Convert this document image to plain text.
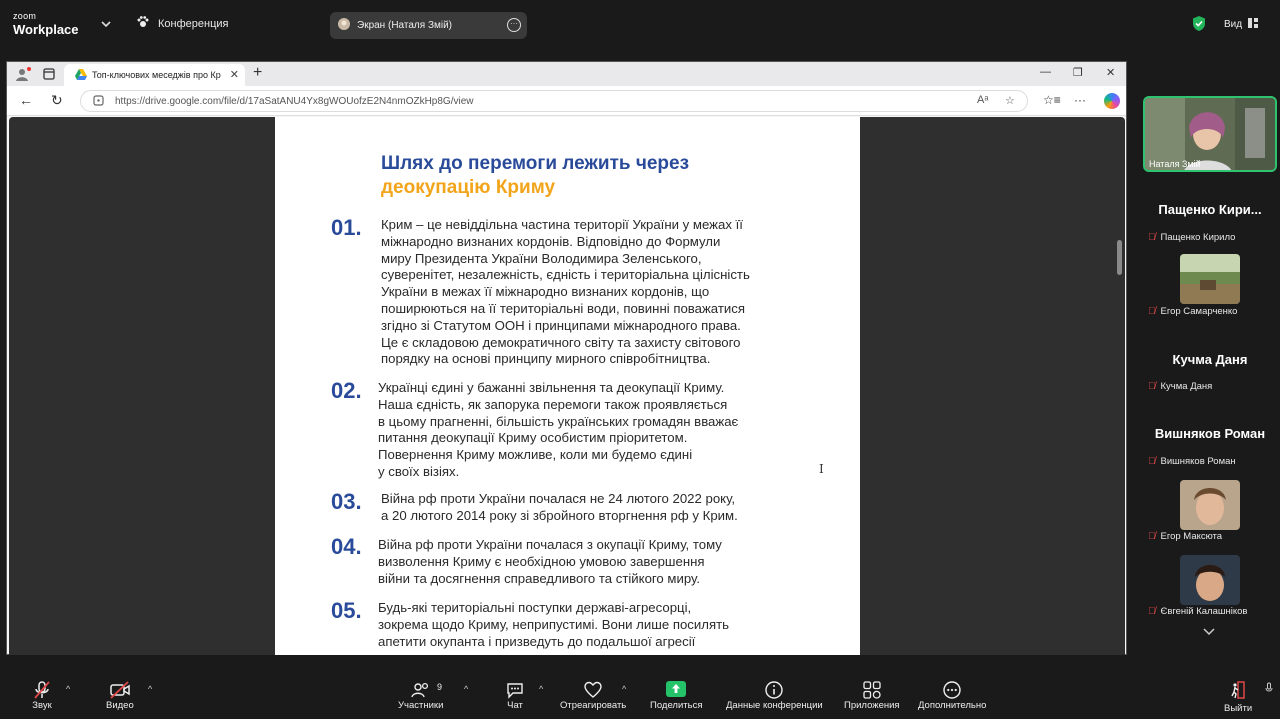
zoom
Workplace	Конференция	Экран (Наталя Змій)	···	Вид
Топ-ключових меседжів про Кр ✕ +	— ❐ ✕
← ↻	https://drive.google.com/file/d/17aSatANU4Yx8gWOUofzE2N4nmOZkHp8G/view	Aᵃ ☆ ☆≡ ···
Шлях до перемоги лежить через
деокупацію Криму
01. Крим – це невіддільна частина території України у межах її
міжнародно визнаних кордонів. Відповідно до Формули
миру Президента України Володимира Зеленського,
суверенітет, незалежність, єдність і територіальна цілісність
України в межах її міжнародно визнаних кордонів, що
поширюються на її територіальні води, повинні поважатися
згідно зі Статутом ООН і принципами міжнародного права.
Це є складовою демократичного світу та захисту світового
порядку на основі принципу мирного співробітництва.
02. Українці єдині у бажанні звільнення та деокупації Криму.
Наша єдність, як запорука перемоги також проявляється
в цьому прагненні, більшість українських громадян вважає
питання деокупації Криму особистим пріоритетом.
Повернення Криму можливе, коли ми будемо єдині
у своїх візіях.
03. Війна рф проти України почалася не 24 лютого 2022 року,
а 20 лютого 2014 року зі збройного вторгнення рф у Крим.
04. Війна рф проти України почалася з окупації Криму, тому
визволення Криму є необхідною умовою завершення
війни та досягнення справедливого та стійкого миру.
05. Будь-які територіальні поступки державі-агресорці,
зокрема щодо Криму, неприпустимі. Вони лише посилять
апетити окупанта і призведуть до подальшої агресії
I
Наталя Змій
Пащенко Кири...
🎙̸ Пащенко Кирило
🎙̸ Егор Самарченко
Кучма Даня
🎙̸ Кучма Даня
Вишняков Роман
🎙̸ Вишняков Роман
🎙̸ Егор Максюта
🎙̸ Євгеній Калашніков
Звук
^
Видео
^
Участники
9 ^
Чат
^
Отреагировать
^
Поделиться Данные конференции Приложения Дополнительно	Выйти
